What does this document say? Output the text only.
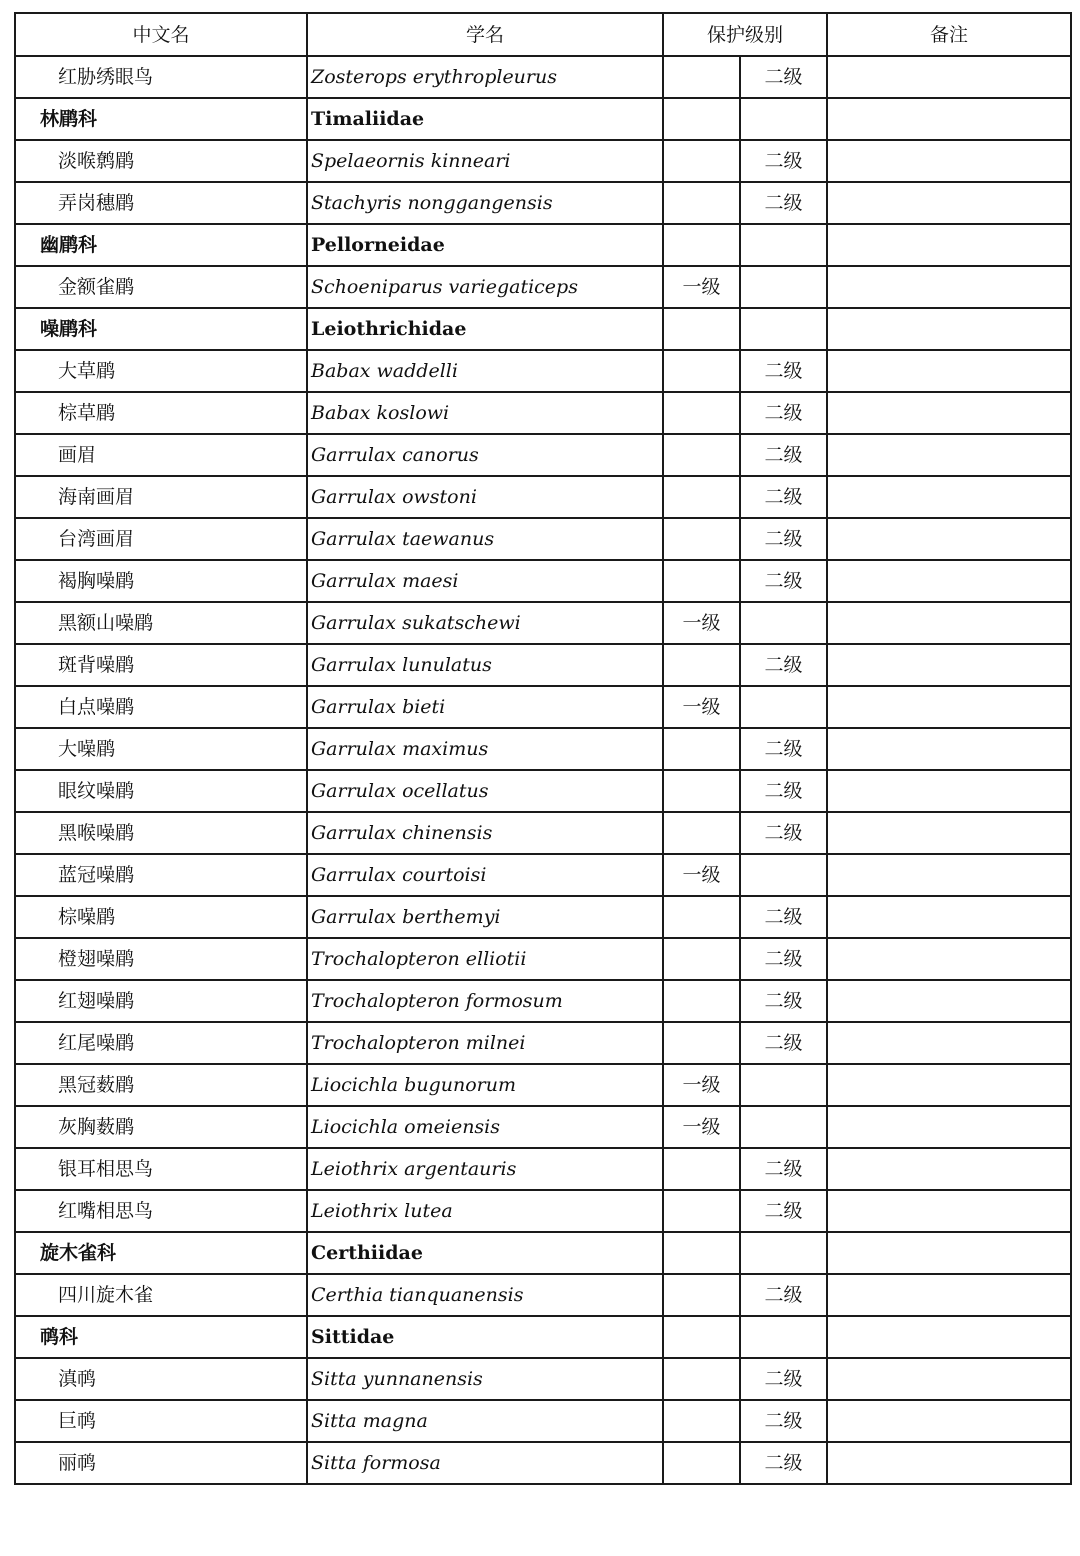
中文名	学名	保护级别		备注
红胁绣眼鸟	Zosterops erythropleurus		二级	
林鹛科	Timaliidae			
淡喉鹩鹛	Spelaeornis kinneari		二级	
弄岗穗鹛	Stachyris nonggangensis		二级	
幽鹛科	Pellorneidae			
金额雀鹛	Schoeniparus variegaticeps	一级		
噪鹛科	Leiothrichidae			
大草鹛	Babax waddelli		二级	
棕草鹛	Babax koslowi		二级	
画眉	Garrulax canorus		二级	
海南画眉	Garrulax owstoni		二级	
台湾画眉	Garrulax taewanus		二级	
褐胸噪鹛	Garrulax maesi		二级	
黑额山噪鹛	Garrulax sukatschewi	一级		
斑背噪鹛	Garrulax lunulatus		二级	
白点噪鹛	Garrulax bieti	一级		
大噪鹛	Garrulax maximus		二级	
眼纹噪鹛	Garrulax ocellatus		二级	
黑喉噪鹛	Garrulax chinensis		二级	
蓝冠噪鹛	Garrulax courtoisi	一级		
棕噪鹛	Garrulax berthemyi		二级	
橙翅噪鹛	Trochalopteron elliotii		二级	
红翅噪鹛	Trochalopteron formosum		二级	
红尾噪鹛	Trochalopteron milnei		二级	
黑冠薮鹛	Liocichla bugunorum	一级		
灰胸薮鹛	Liocichla omeiensis	一级		
银耳相思鸟	Leiothrix argentauris		二级	
红嘴相思鸟	Leiothrix lutea		二级	
旋木雀科	Certhiidae			
四川旋木雀	Certhia tianquanensis		二级	
䴓科	Sittidae			
滇䴓	Sitta yunnanensis		二级	
巨䴓	Sitta magna		二级	
丽䴓	Sitta formosa		二级	
